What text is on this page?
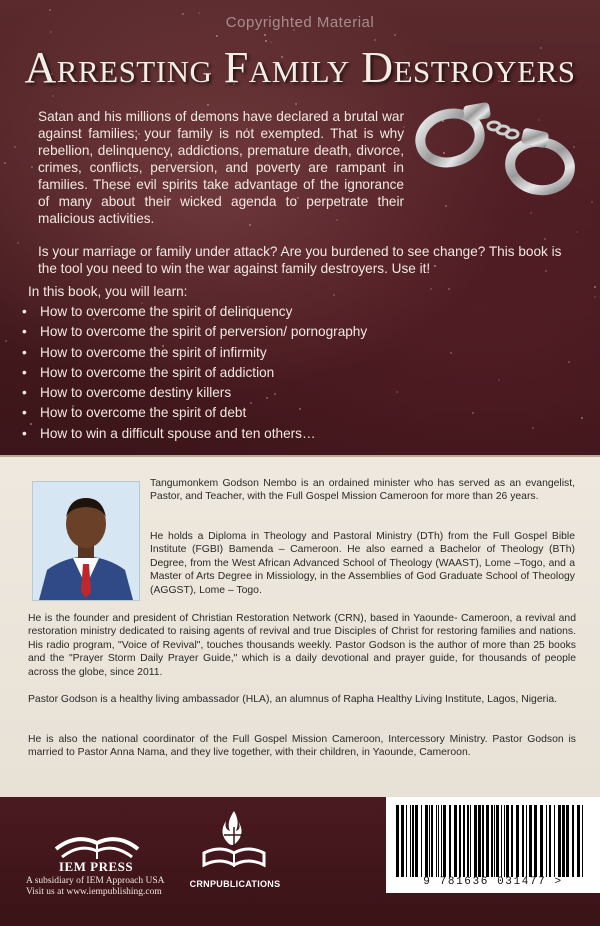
Copyrighted Material
Arresting Family Destroyers
Satan and his millions of demons have declared a brutal war against families; your family is not exempted. That is why rebellion, delinquency, addictions, premature death, divorce, crimes, conflicts, perversion, and poverty are rampant in families. These evil spirits take advantage of the ignorance of many about their wicked agenda to perpetrate their malicious activities.
Is your marriage or family under attack? Are you burdened to see change? This book is the tool you need to win the war against family destroyers. Use it!
In this book, you will learn:
• How to overcome the spirit of delinquency
• How to overcome the spirit of perversion/ pornography
• How to overcome the spirit of infirmity
• How to overcome the spirit of addiction
• How to overcome destiny killers
• How to overcome the spirit of debt
• How to win a difficult spouse and ten others…

Tangumonkem Godson Nembo is an ordained minister who has served as an evangelist, Pastor, and Teacher, with the Full Gospel Mission Cameroon for more than 26 years.

He holds a Diploma in Theology and Pastoral Ministry (DTh) from the Full Gospel Bible Institute (FGBI) Bamenda – Cameroon. He also earned a Bachelor of Theology (BTh) Degree, from the West African Advanced School of Theology (WAAST), Lome –Togo, and a Master of Arts Degree in Missiology, in the Assemblies of God Graduate School of Theology (AGGST), Lome – Togo.

He is the founder and president of Christian Restoration Network (CRN), based in Yaounde- Cameroon, a revival and restoration ministry dedicated to raising agents of revival and true Disciples of Christ for restoring families and nations. His radio program, "Voice of Revival", touches thousands weekly. Pastor Godson is the author of more than 25 books and the "Prayer Storm Daily Prayer Guide," which is a daily devotional and prayer guide, for thousands of people across the globe, since 2011.

Pastor Godson is a healthy living ambassador (HLA), an alumnus of Rapha Healthy Living Institute, Lagos, Nigeria.

He is also the national coordinator of the Full Gospel Mission Cameroon, Intercessory Ministry. Pastor Godson is married to Pastor Anna Nama, and they live together, with their children, in Yaounde, Cameroon.

IEM PRESS
A subsidiary of IEM Approach USA
Visit us at www.iempublishing.com
CRNPUBLICATIONS	9 781636 031477 >
